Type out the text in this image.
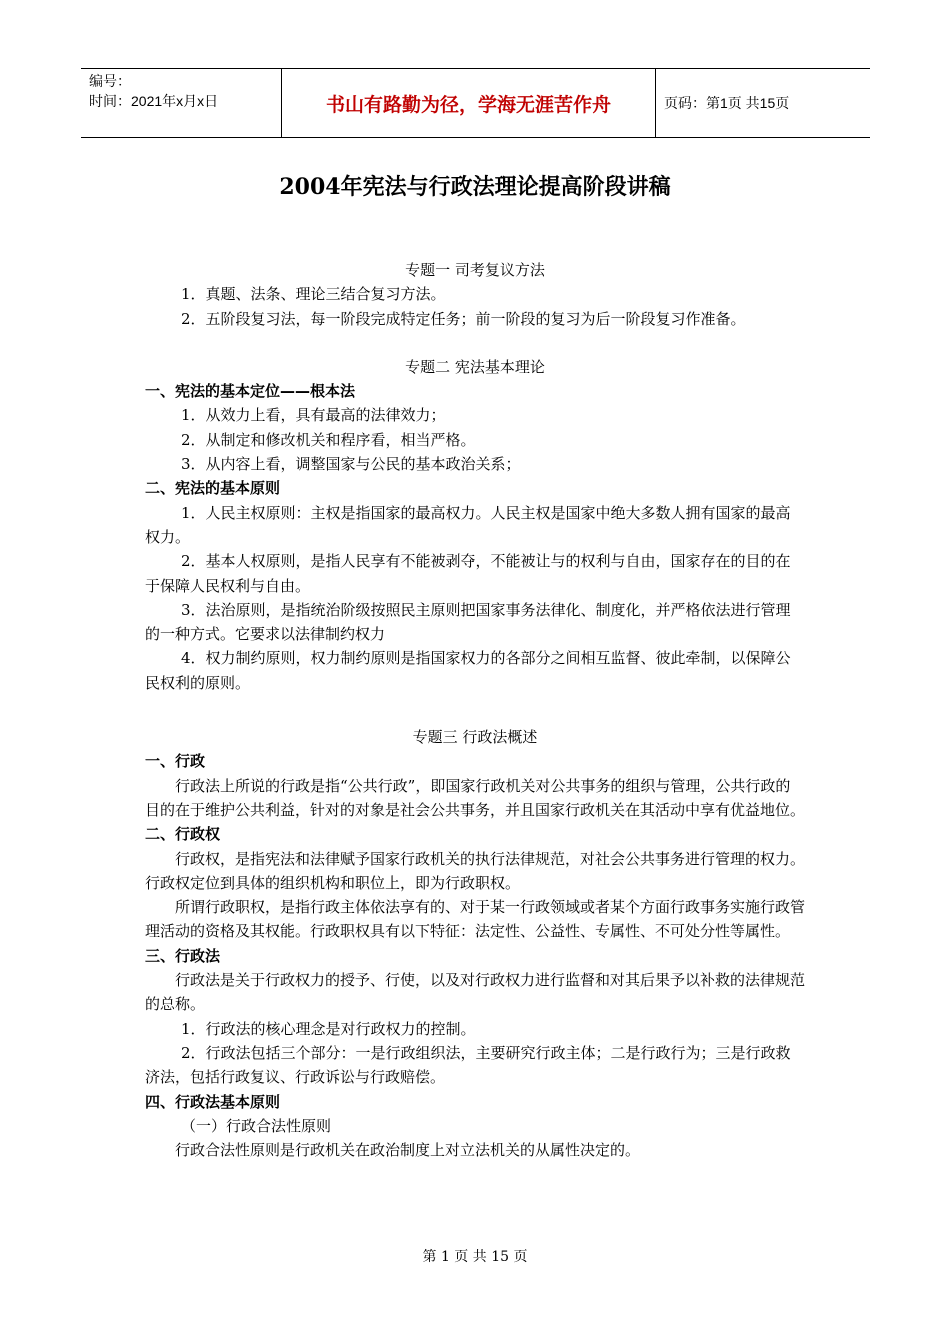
编号：
时间：2021年x月x日	书山有路勤为径，学海无涯苦作舟	页码：第1页 共15页
2004年宪法与行政法理论提高阶段讲稿

专题一 司考复议方法

1．真题、法条、理论三结合复习方法。

2．五阶段复习法，每一阶段完成特定任务；前一阶段的复习为后一阶段复习作准备。

专题二 宪法基本理论

一、宪法的基本定位——根本法

1．从效力上看，具有最高的法律效力；

2．从制定和修改机关和程序看，相当严格。

3．从内容上看，调整国家与公民的基本政治关系；

二、宪法的基本原则

1．人民主权原则：主权是指国家的最高权力。人民主权是国家中绝大多数人拥有国家的最高权力。

2．基本人权原则，是指人民享有不能被剥夺，不能被让与的权利与自由，国家存在的目的在于保障人民权利与自由。

3．法治原则，是指统治阶级按照民主原则把国家事务法律化、制度化，并严格依法进行管理的一种方式。它要求以法律制约权力

4．权力制约原则，权力制约原则是指国家权力的各部分之间相互监督、彼此牵制，以保障公民权利的原则。

专题三 行政法概述

一、行政

行政法上所说的行政是指“公共行政”，即国家行政机关对公共事务的组织与管理，公共行政的目的在于维护公共利益，针对的对象是社会公共事务，并且国家行政机关在其活动中享有优益地位。

二、行政权

行政权，是指宪法和法律赋予国家行政机关的执行法律规范，对社会公共事务进行管理的权力。行政权定位到具体的组织机构和职位上，即为行政职权。

所谓行政职权，是指行政主体依法享有的、对于某一行政领域或者某个方面行政事务实施行政管理活动的资格及其权能。行政职权具有以下特征：法定性、公益性、专属性、不可处分性等属性。

三、行政法

行政法是关于行政权力的授予、行使，以及对行政权力进行监督和对其后果予以补救的法律规范的总称。

1．行政法的核心理念是对行政权力的控制。

2．行政法包括三个部分：一是行政组织法，主要研究行政主体；二是行政行为；三是行政救济法，包括行政复议、行政诉讼与行政赔偿。

四、行政法基本原则

（一）行政合法性原则

行政合法性原则是行政机关在政治制度上对立法机关的从属性决定的。

第 1 页 共 15 页
